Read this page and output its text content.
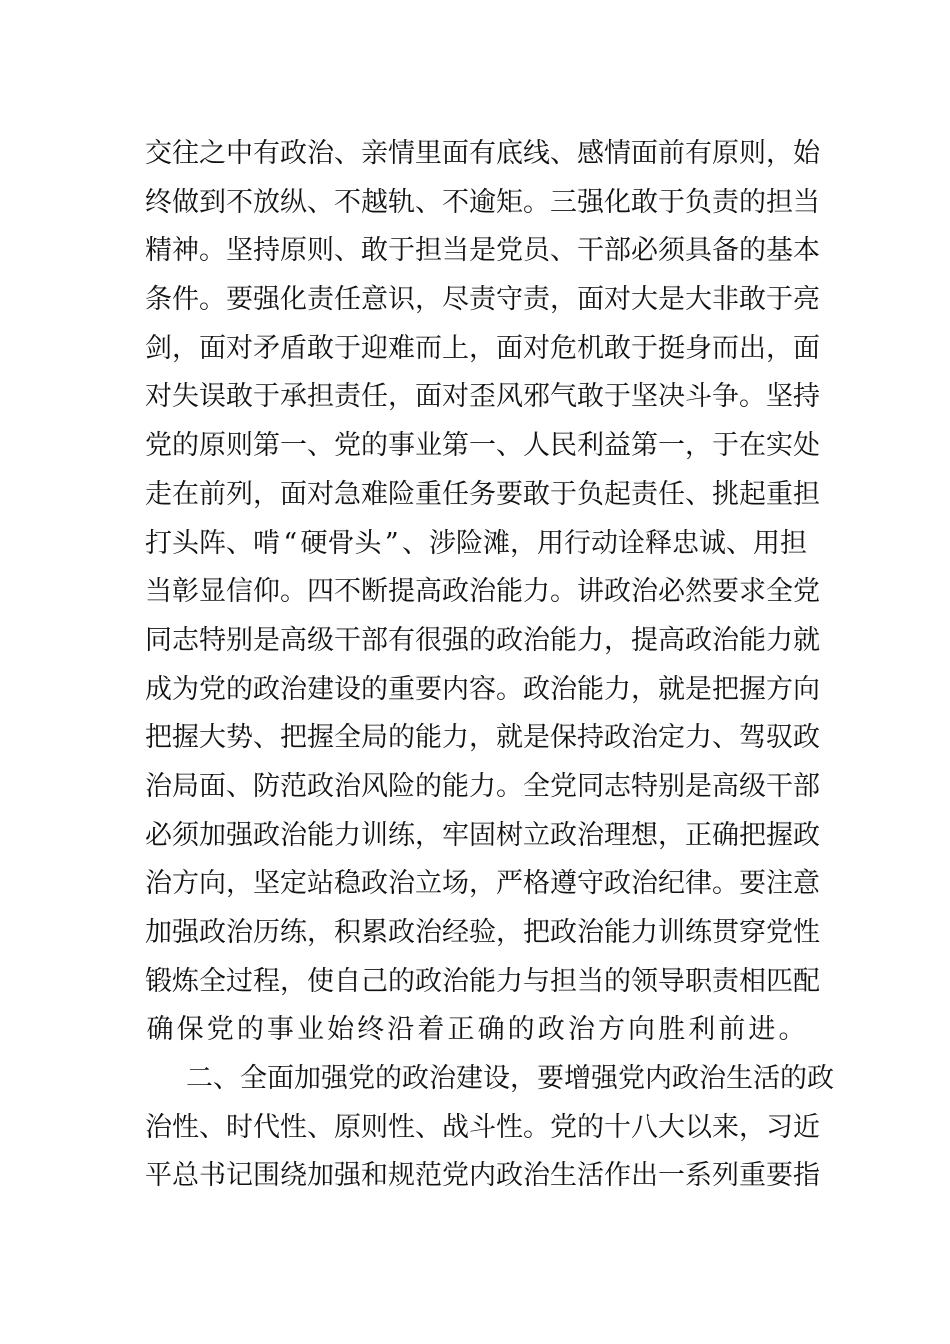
交 往 之 中 有 政 治 、 亲 情 里 面 有 底 线 、 感 情 面 前 有 原 则 ， 始
终 做 到 不 放 纵 、 不 越 轨 、 不 逾 矩 。 三 强 化 敢 于 负 责 的 担 当
精 神 。 坚 持 原 则 、 敢 于 担 当 是 党 员 、 干 部 必 须 具 备 的 基 本
条 件 。 要 强 化 责 任 意 识 ， 尽 责 守 责 ， 面 对 大 是 大 非 敢 于 亮
剑 ， 面 对 矛 盾 敢 于 迎 难 而 上 ， 面 对 危 机 敢 于 挺 身 而 出 ， 面
对 失 误 敢 于 承 担 责 任 ， 面 对 歪 风 邪 气 敢 于 坚 决 斗 争 。 坚 持
党 的 原 则 第 一 、 党 的 事 业 第 一 、 人 民 利 益 第 一 ， 于 在 实 处
走 在 前 列 ， 面 对 急 难 险 重 任 务 要 敢 于 负 起 责 任 、 挑 起 重 担
打 头 阵 、 啃 “ 硬 骨 头 ” 、 涉 险 滩 ， 用 行 动 诠 释 忠 诚 、 用 担
当 彰 显 信 仰 。 四 不 断 提 高 政 治 能 力 。 讲 政 治 必 然 要 求 全 党
同 志 特 别 是 高 级 干 部 有 很 强 的 政 治 能 力 ， 提 高 政 治 能 力 就
成 为 党 的 政 治 建 设 的 重 要 内 容 。 政 治 能 力 ， 就 是 把 握 方 向
把 握 大 势 、 把 握 全 局 的 能 力 ， 就 是 保 持 政 治 定 力 、 驾 驭 政
治 局 面 、 防 范 政 治 风 险 的 能 力 。 全 党 同 志 特 别 是 高 级 干 部
必 须 加 强 政 治 能 力 训 练 ， 牢 固 树 立 政 治 理 想 ， 正 确 把 握 政
治 方 向 ， 坚 定 站 稳 政 治 立 场 ， 严 格 遵 守 政 治 纪 律 。 要 注 意
加 强 政 治 历 练 ， 积 累 政 治 经 验 ， 把 政 治 能 力 训 练 贯 穿 党 性
锻 炼 全 过 程 ， 使 自 己 的 政 治 能 力 与 担 当 的 领 导 职 责 相 匹 配
确 保 党 的 事 业 始 终 沿 着 正 确 的 政 治 方 向 胜 利 前 进 。
二 、 全 面 加 强 党 的 政 治 建 设 ， 要 增 强 党 内 政 治 生 活 的 政
治 性 、 时 代 性 、 原 则 性 、 战 斗 性 。 党 的 十 八 大 以 来 ， 习 近
平 总 书 记 围 绕 加 强 和 规 范 党 内 政 治 生 活 作 出 一 系 列 重 要 指
